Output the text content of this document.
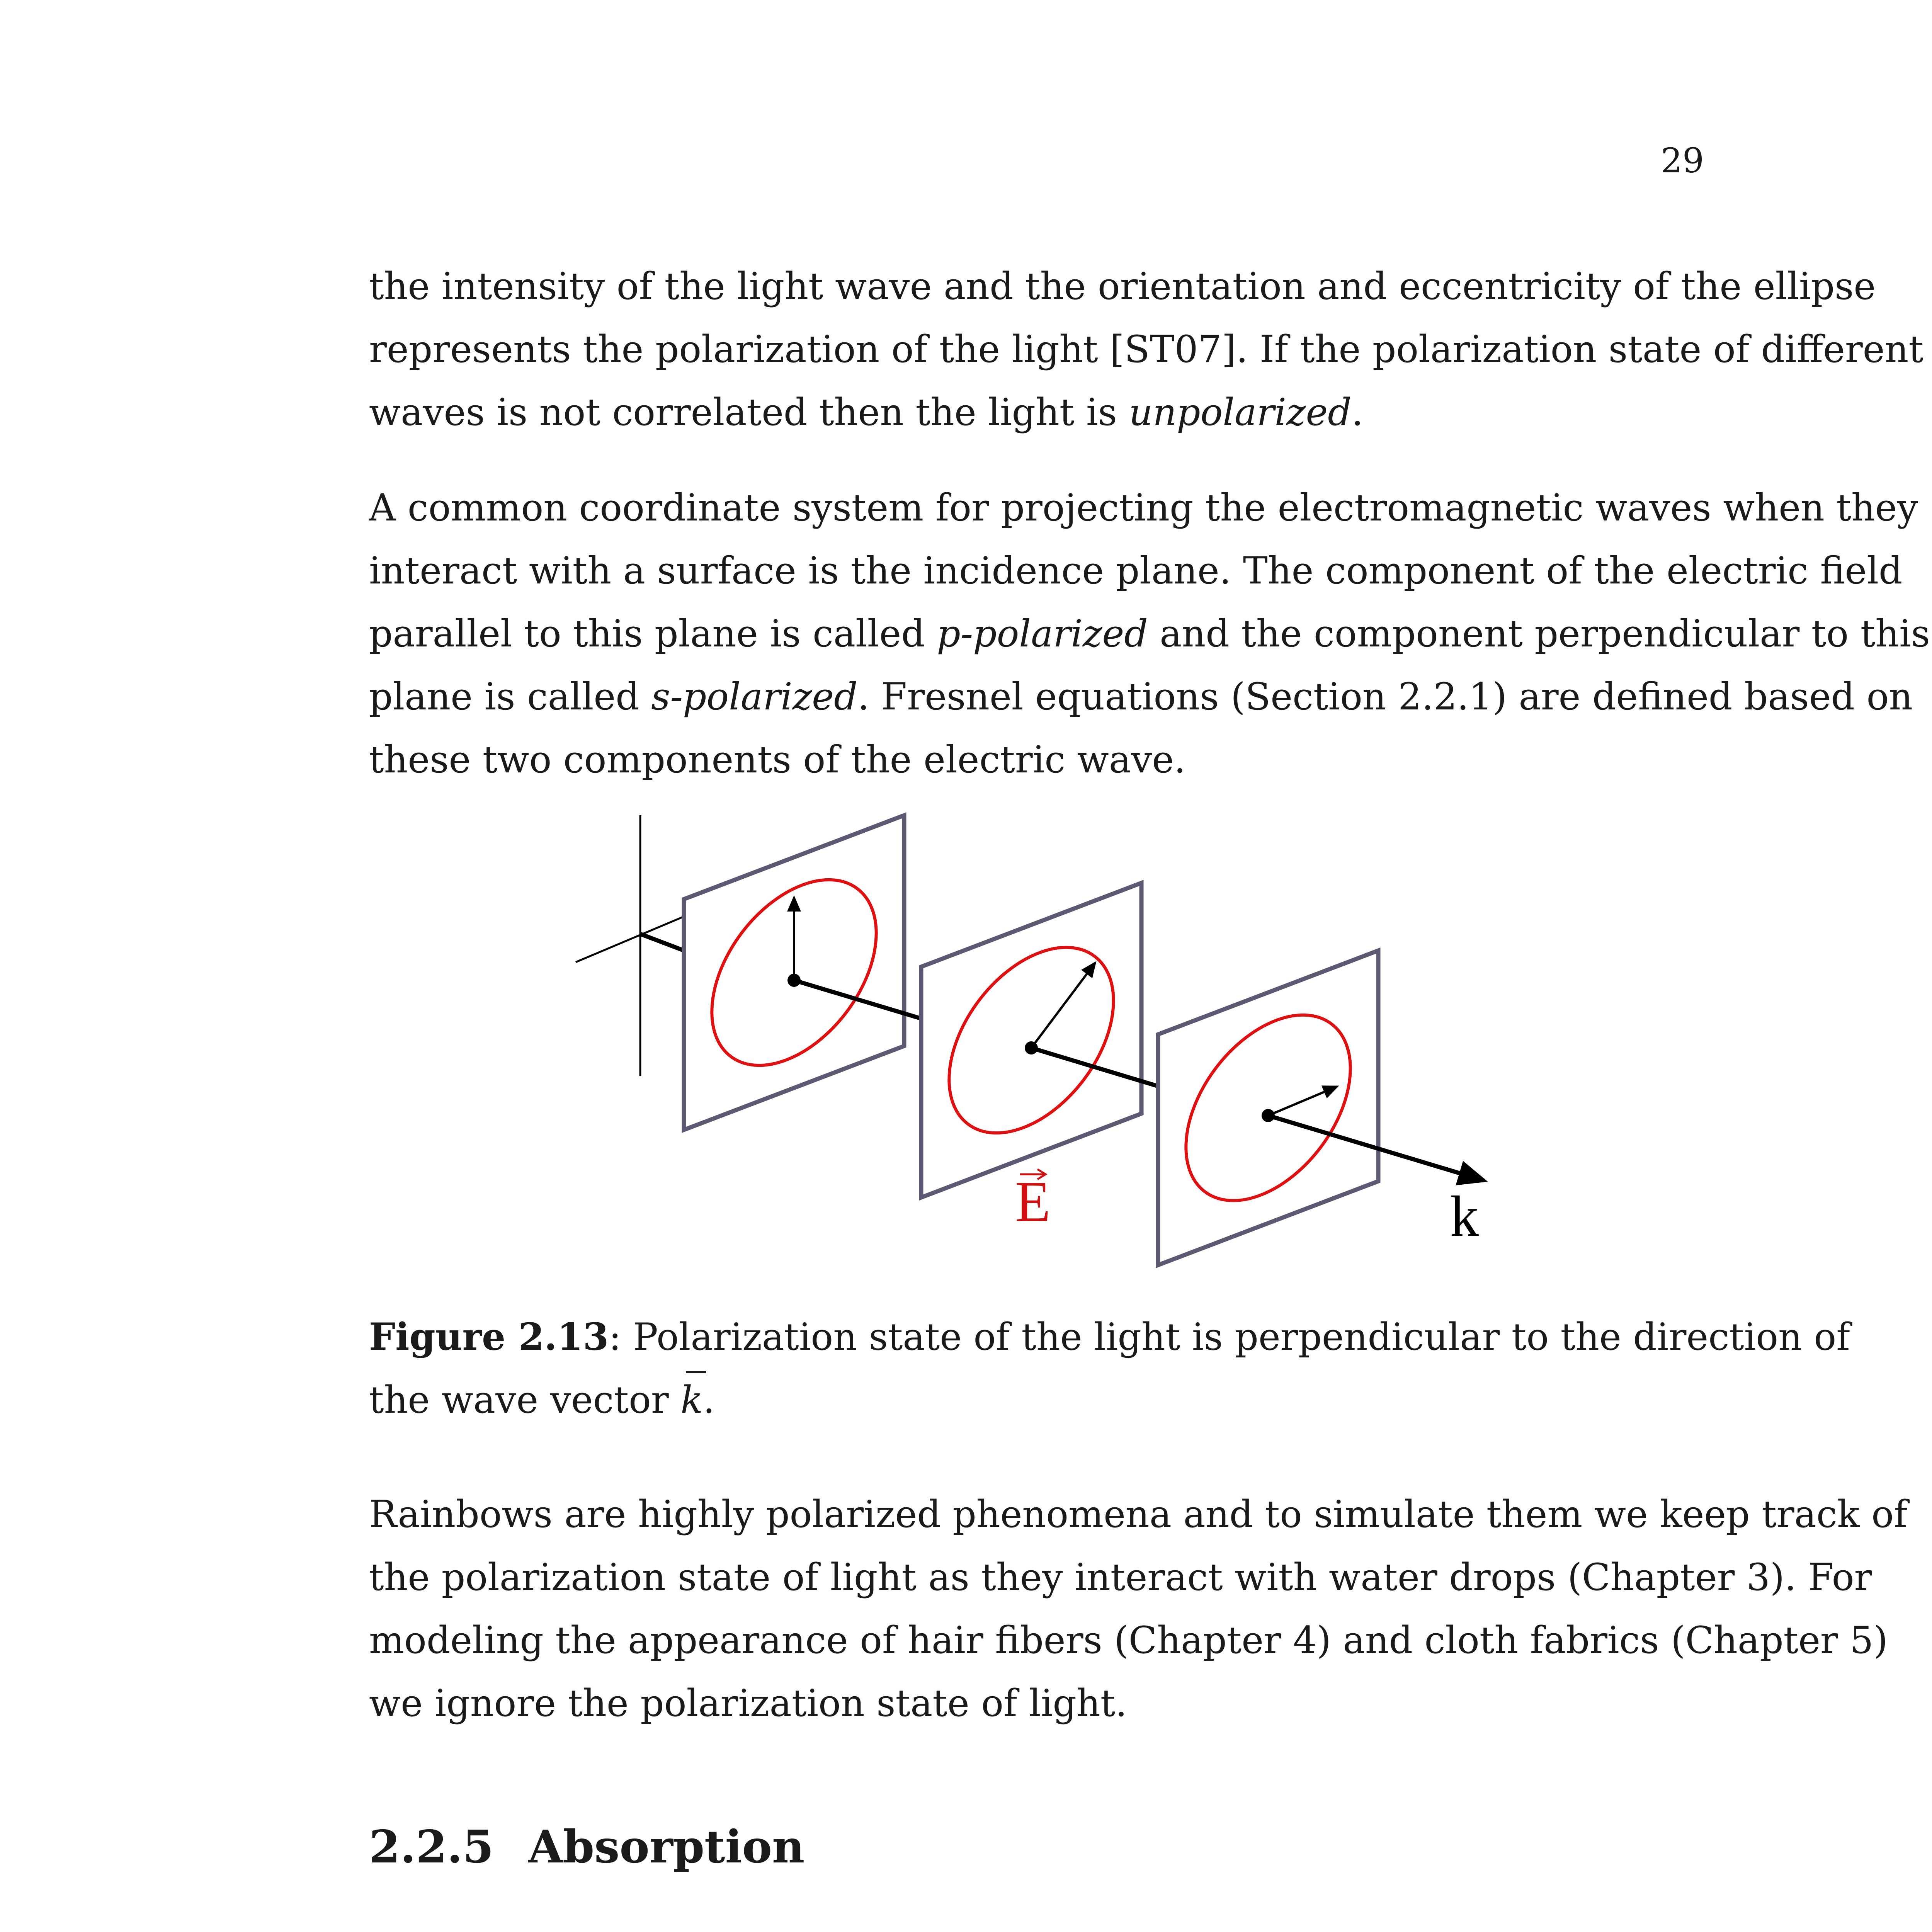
29
the intensity of the light wave and the orientation and eccentricity of the ellipse
represents the polarization of the light [ST07]. If the polarization state of different
waves is not correlated then the light is unpolarized.
A common coordinate system for projecting the electromagnetic waves when they
interact with a surface is the incidence plane. The component of the electric field
parallel to this plane is called p-polarized and the component perpendicular to this
plane is called s-polarized. Fresnel equations (Section 2.2.1) are defined based on
these two components of the electric wave.
E	k
Figure 2.13: Polarization state of the light is perpendicular to the direction of
the wave vector k.
Rainbows are highly polarized phenomena and to simulate them we keep track of
the polarization state of light as they interact with water drops (Chapter 3). For
modeling the appearance of hair fibers (Chapter 4) and cloth fabrics (Chapter 5)
we ignore the polarization state of light.
2.2.5 Absorption
